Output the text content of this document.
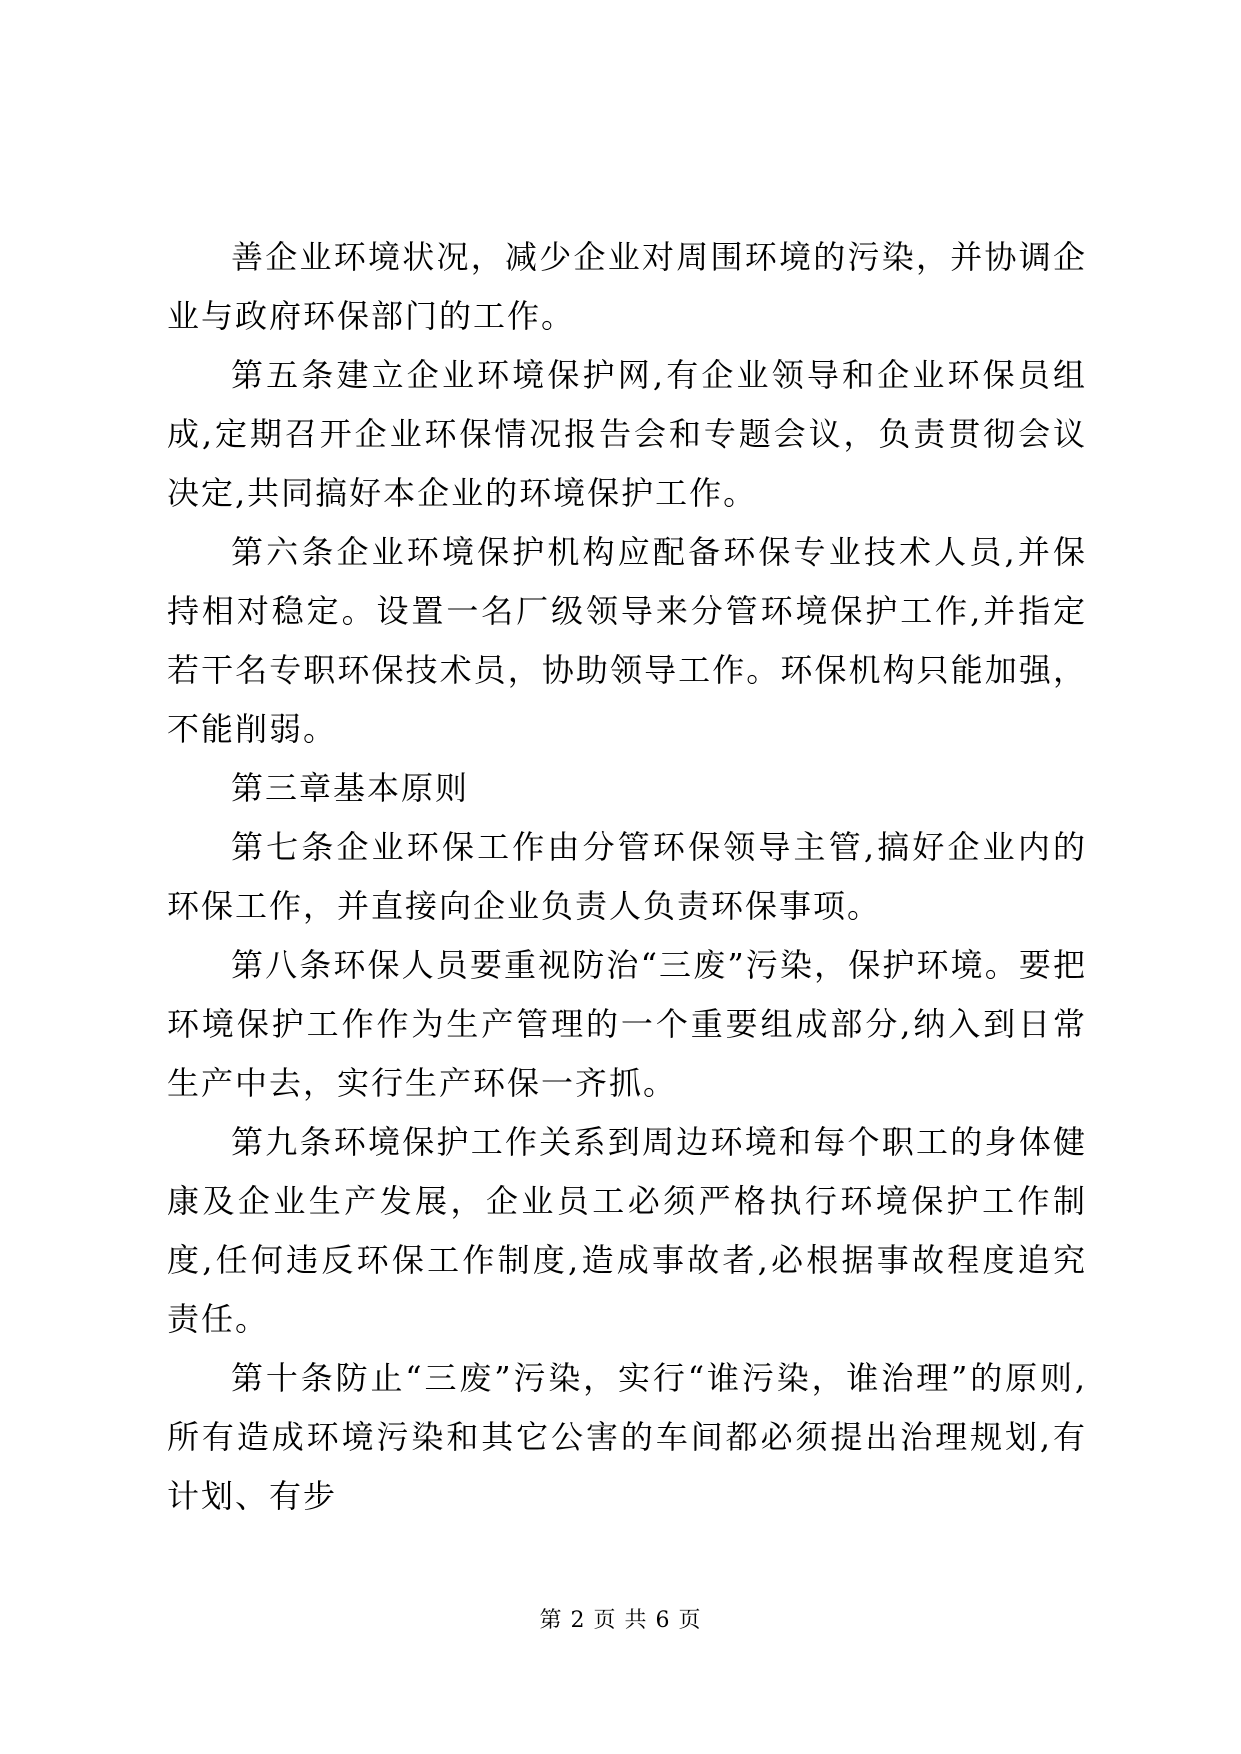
善企业环境状况，减少企业对周围环境的污染，并协调企业与政府环保部门的工作。

第五条建立企业环境保护网,有企业领导和企业环保员组成,定期召开企业环保情况报告会和专题会议，负责贯彻会议决定,共同搞好本企业的环境保护工作。

第六条企业环境保护机构应配备环保专业技术人员,并保持相对稳定。设置一名厂级领导来分管环境保护工作,并指定若干名专职环保技术员，协助领导工作。环保机构只能加强，不能削弱。

第三章基本原则

第七条企业环保工作由分管环保领导主管,搞好企业内的环保工作，并直接向企业负责人负责环保事项。

第八条环保人员要重视防治“三废”污染，保护环境。要把环境保护工作作为生产管理的一个重要组成部分,纳入到日常生产中去，实行生产环保一齐抓。

第九条环境保护工作关系到周边环境和每个职工的身体健康及企业生产发展，企业员工必须严格执行环境保护工作制度,任何违反环保工作制度,造成事故者,必根据事故程度追究责任。

第十条防止“三废”污染，实行“谁污染，谁治理”的原则,所有造成环境污染和其它公害的车间都必须提出治理规划,有计划、有步

第 2 页 共 6 页
